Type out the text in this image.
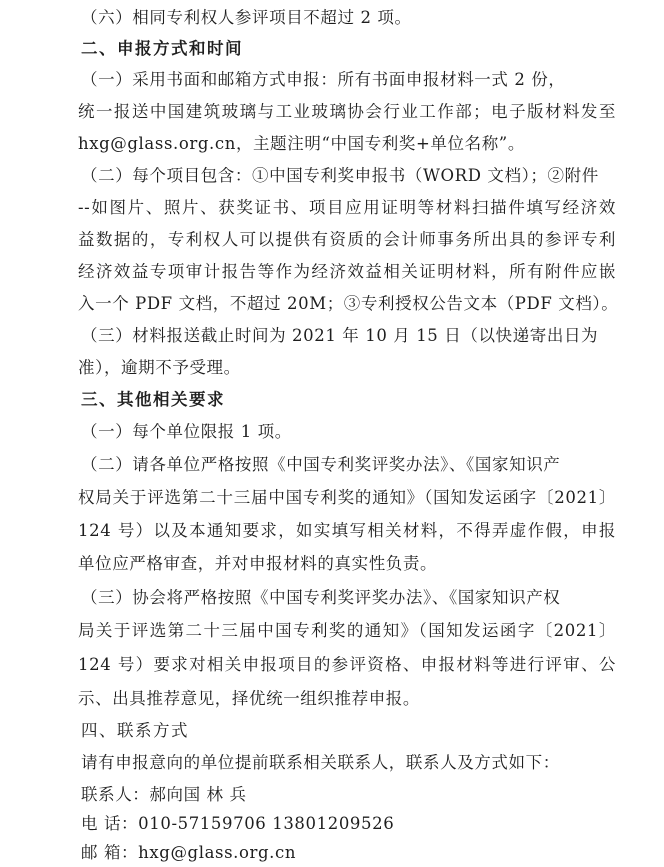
（六）相同专利权人参评项目不超过 2 项。
二、申报方式和时间
（一）采用书面和邮箱方式申报：所有书面申报材料一式 2 份，
统一报送中国建筑玻璃与工业玻璃协会行业工作部；电子版材料发至
hxg@glass.org.cn，主题注明“中国专利奖+单位名称”。
（二）每个项目包含：①中国专利奖申报书（WORD 文档）；②附件
--如图片、照片、获奖证书、项目应用证明等材料扫描件填写经济效
益数据的，专利权人可以提供有资质的会计师事务所出具的参评专利
经济效益专项审计报告等作为经济效益相关证明材料，所有附件应嵌
入一个 PDF 文档，不超过 20M；③专利授权公告文本（PDF 文档）。
（三）材料报送截止时间为 2021 年 10 月 15 日（以快递寄出日为
准），逾期不予受理。
三、其他相关要求
（一）每个单位限报 1 项。
（二）请各单位严格按照《中国专利奖评奖办法》、《国家知识产
权局关于评选第二十三届中国专利奖的通知》（国知发运函字〔2021〕
124 号）以及本通知要求，如实填写相关材料，不得弄虚作假，申报
单位应严格审查，并对申报材料的真实性负责。
（三）协会将严格按照《中国专利奖评奖办法》、《国家知识产权
局关于评选第二十三届中国专利奖的通知》（国知发运函字〔2021〕
124 号）要求对相关申报项目的参评资格、申报材料等进行评审、公
示、出具推荐意见，择优统一组织推荐申报。
四、联系方式
请有申报意向的单位提前联系相关联系人，联系人及方式如下：
联系人：郝向国 林 兵
电 话：010-57159706 13801209526
邮 箱：hxg@glass.org.cn
